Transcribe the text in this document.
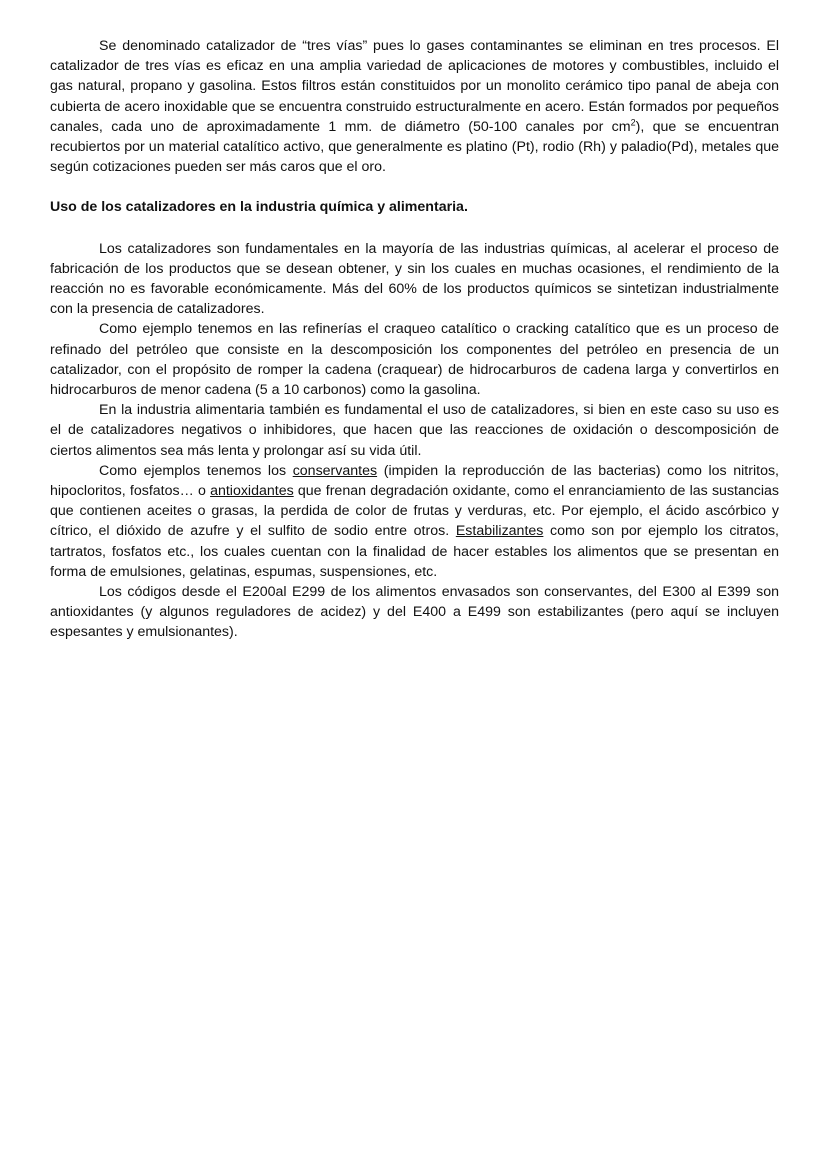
Se denominado catalizador de “tres vías” pues lo gases contaminantes se eliminan en tres procesos. El catalizador de tres vías es eficaz en una amplia variedad de aplicaciones de motores y combustibles, incluido el gas natural, propano y gasolina. Estos filtros están constituidos por un monolito cerámico tipo panal de abeja con cubierta de acero inoxidable que se encuentra construido estructuralmente en acero. Están formados por pequeños canales, cada uno de aproximadamente 1 mm. de diámetro (50-100 canales por $cm^2$), que se encuentran recubiertos por un material catalítico activo, que generalmente es platino (Pt), rodio (Rh) y paladio(Pd), metales que según cotizaciones pueden ser más caros que el oro.

Uso de los catalizadores en la industria química y alimentaria.

Los catalizadores son fundamentales en la mayoría de las industrias químicas, al acelerar el proceso de fabricación de los productos que se desean obtener, y sin los cuales en muchas ocasiones, el rendimiento de la reacción no es favorable económicamente. Más del 60% de los productos químicos se sintetizan industrialmente con la presencia de catalizadores.

Como ejemplo tenemos en las refinerías el craqueo catalítico o cracking catalítico que es un proceso de refinado del petróleo que consiste en la descomposición los componentes del petróleo en presencia de un catalizador, con el propósito de romper la cadena (craquear) de hidrocarburos de cadena larga y convertirlos en hidrocarburos de menor cadena (5 a 10 carbonos) como la gasolina.

En la industria alimentaria también es fundamental el uso de catalizadores, si bien en este caso su uso es el de catalizadores negativos o inhibidores, que hacen que las reacciones de oxidación o descomposición de ciertos alimentos sea más lenta y prolongar así su vida útil.

Como ejemplos tenemos los conservantes (impiden la reproducción de las bacterias) como los nitritos, hipocloritos, fosfatos… o antioxidantes que frenan degradación oxidante, como el enranciamiento de las sustancias que contienen aceites o grasas, la perdida de color de frutas y verduras, etc. Por ejemplo, el ácido ascórbico y cítrico, el dióxido de azufre y el sulfito de sodio entre otros. Estabilizantes como son por ejemplo los citratos, tartratos, fosfatos etc., los cuales cuentan con la finalidad de hacer estables los alimentos que se presentan en forma de emulsiones, gelatinas, espumas, suspensiones, etc.

Los códigos desde el E200al E299 de los alimentos envasados son conservantes, del E300 al E399 son antioxidantes (y algunos reguladores de acidez) y del E400 a E499 son estabilizantes (pero aquí se incluyen espesantes y emulsionantes).
